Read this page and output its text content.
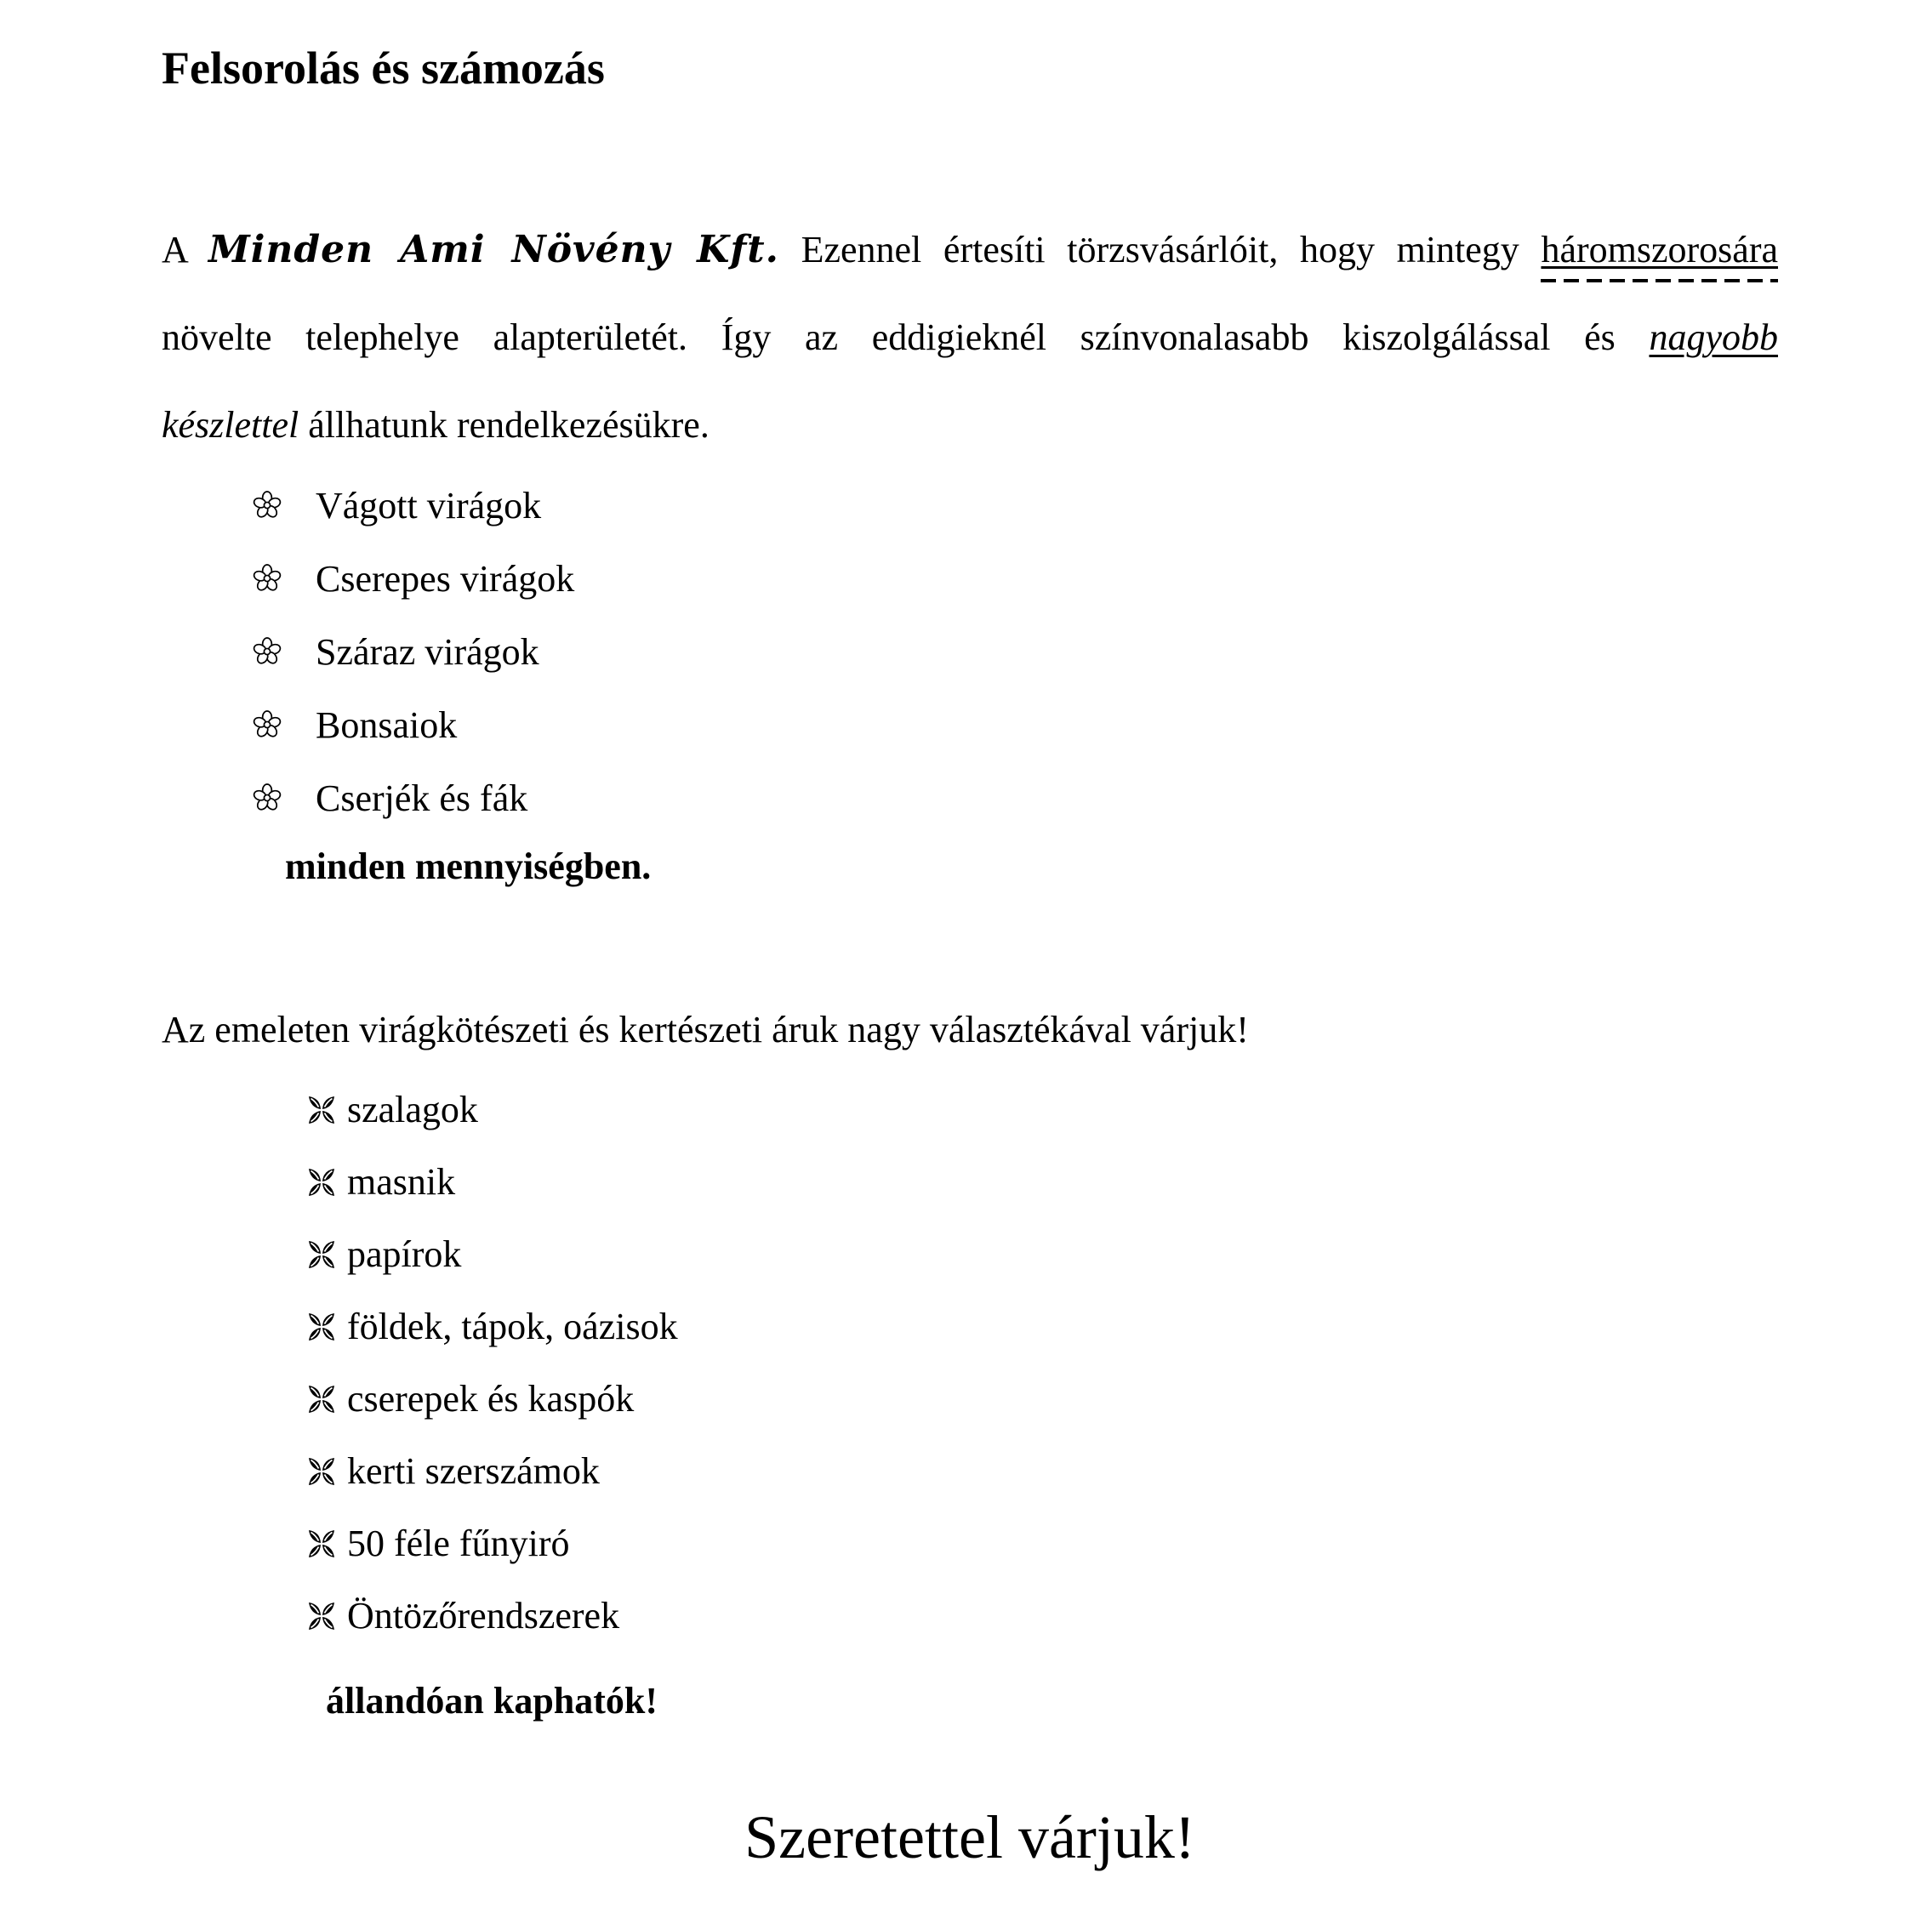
Felsorolás és számozás
A Minden Ami Növény Kft. Ezennel értesíti törzsvásárlóit, hogy mintegy háromszorosára
növelte telephelye alapterületét. Így az eddigieknél színvonalasabb kiszolgálással és nagyobb
készlettel állhatunk rendelkezésükre.
Vágott virágok
Cserepes virágok
Száraz virágok
Bonsaiok
Cserjék és fák

minden mennyiségben.

Az emeleten virágkötészeti és kertészeti áruk nagy választékával várjuk!

szalagok
masnik
papírok
földek, tápok, oázisok
cserepek és kaspók
kerti szerszámok
50 féle fűnyiró
Öntözőrendszerek

állandóan kaphatók!

Szeretettel várjuk!
